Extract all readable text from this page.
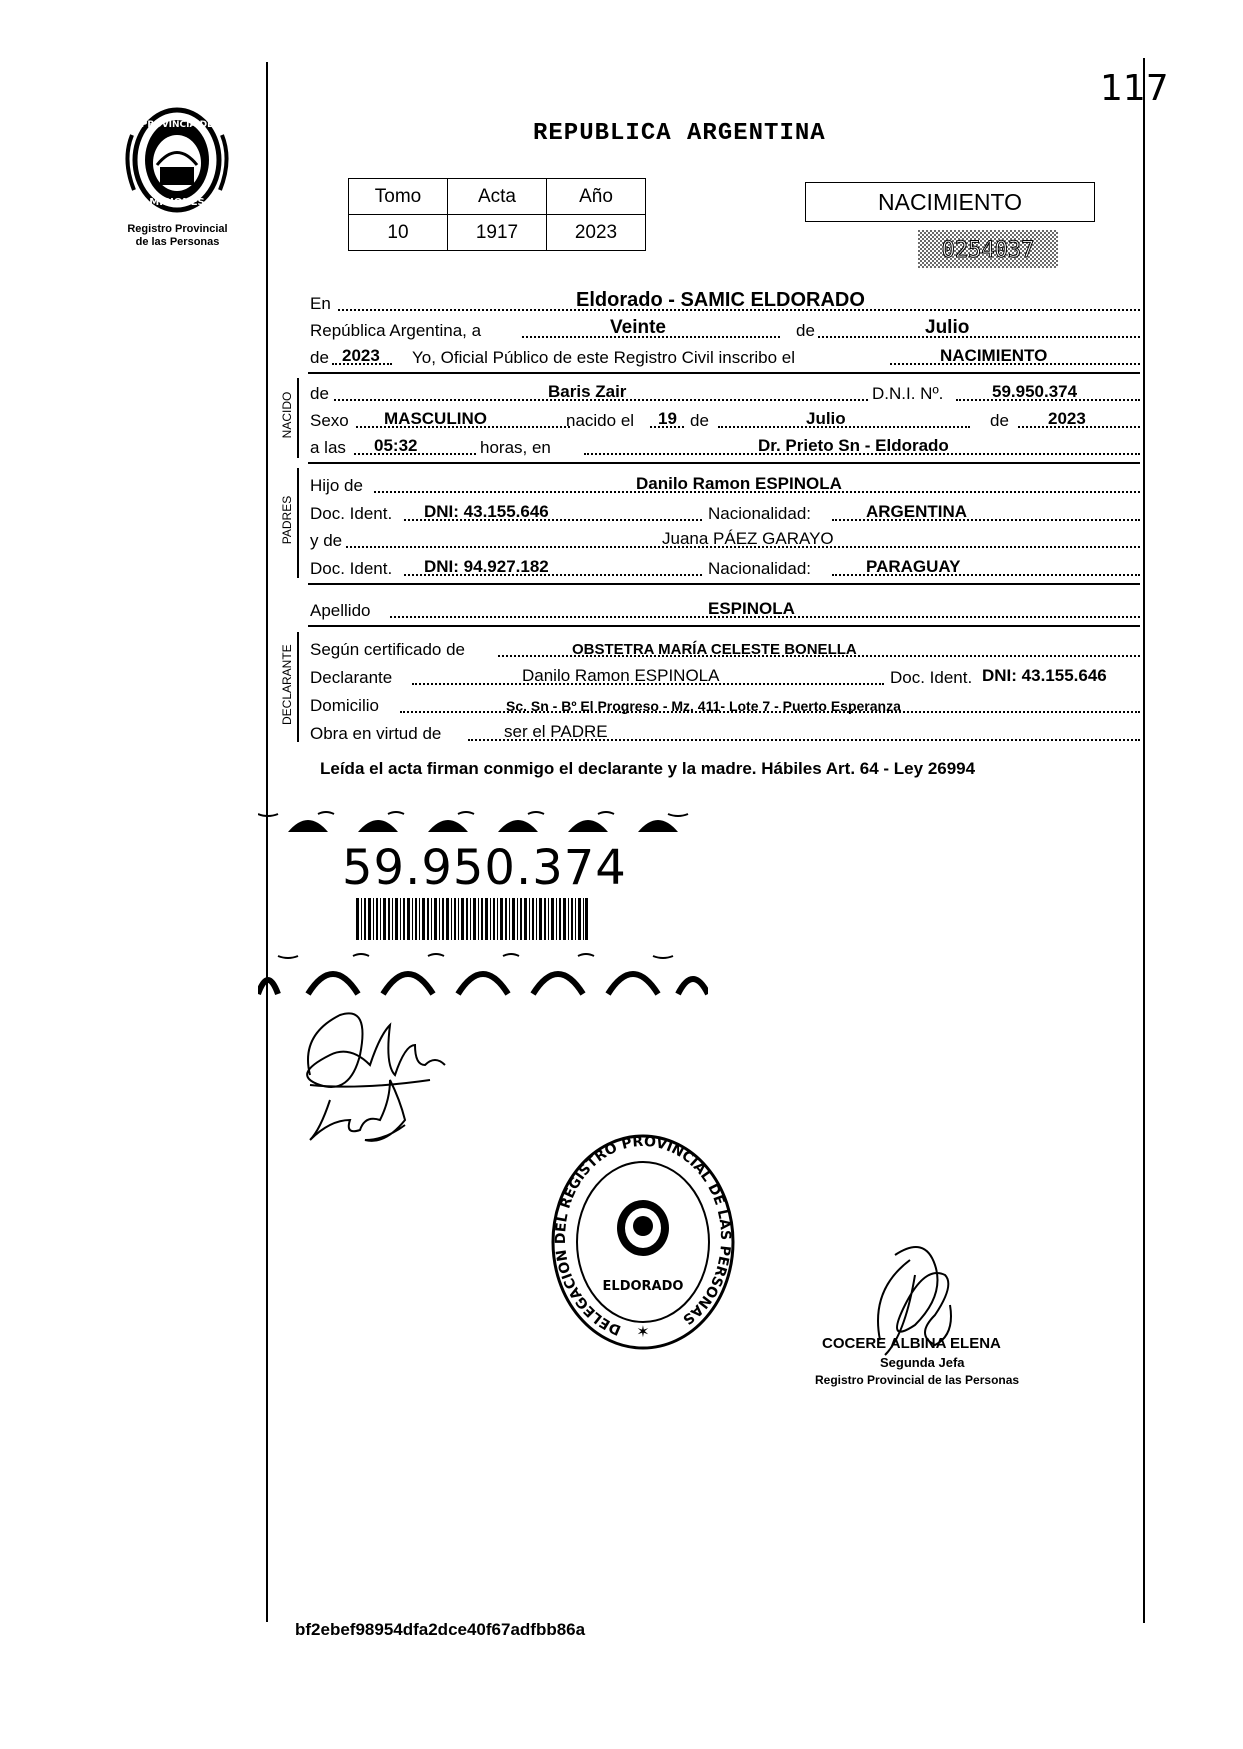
117
REPUBLICA ARGENTINA
PROVINCIA DE
MISIONES
Registro Provincial
de las Personas
Tomo	Acta	Año
10	1917	2023
NACIMIENTO
0254037
En	Eldorado - SAMIC ELDORADO
República Argentina, a	Veinte	de	Julio
de 2023 Yo, Oficial Público de este Registro Civil inscribo el	NACIMIENTO
NACIDO de	Baris Zair	D.N.I. Nº.	59.950.374
Sexo MASCULINO	nacido el 19 de	Julio	de 2023
a las 05:32	horas, en	Dr. Prieto Sn - Eldorado
PADRES
Hijo de	Danilo Ramon ESPINOLA
Doc. Ident. DNI: 43.155.646	Nacionalidad:	ARGENTINA
y de	Juana PÁEZ GARAYO
Doc. Ident. DNI: 94.927.182	Nacionalidad:	PARAGUAY
Apellido	ESPINOLA
DECLARANTE Según certificado de	OBSTETRA MARÍA CELESTE BONELLA
Declarante	Danilo Ramon ESPINOLA	Doc. Ident. DNI: 43.155.646
Domicilio	Sc. Sn - Bº El Progreso - Mz. 411- Lote 7 - Puerto Esperanza
Obra en virtud de	ser el PADRE
Leída el acta firman conmigo el declarante y la madre. Hábiles Art. 64 - Ley 26994
59.950.374
DELEGACION DEL REGISTRO PROVINCIAL DE LAS PERSONAS
ELDORADO
✶
COCERE ALBINA ELENA
Segunda Jefa
Registro Provincial de las Personas
bf2ebef98954dfa2dce40f67adfbb86a
